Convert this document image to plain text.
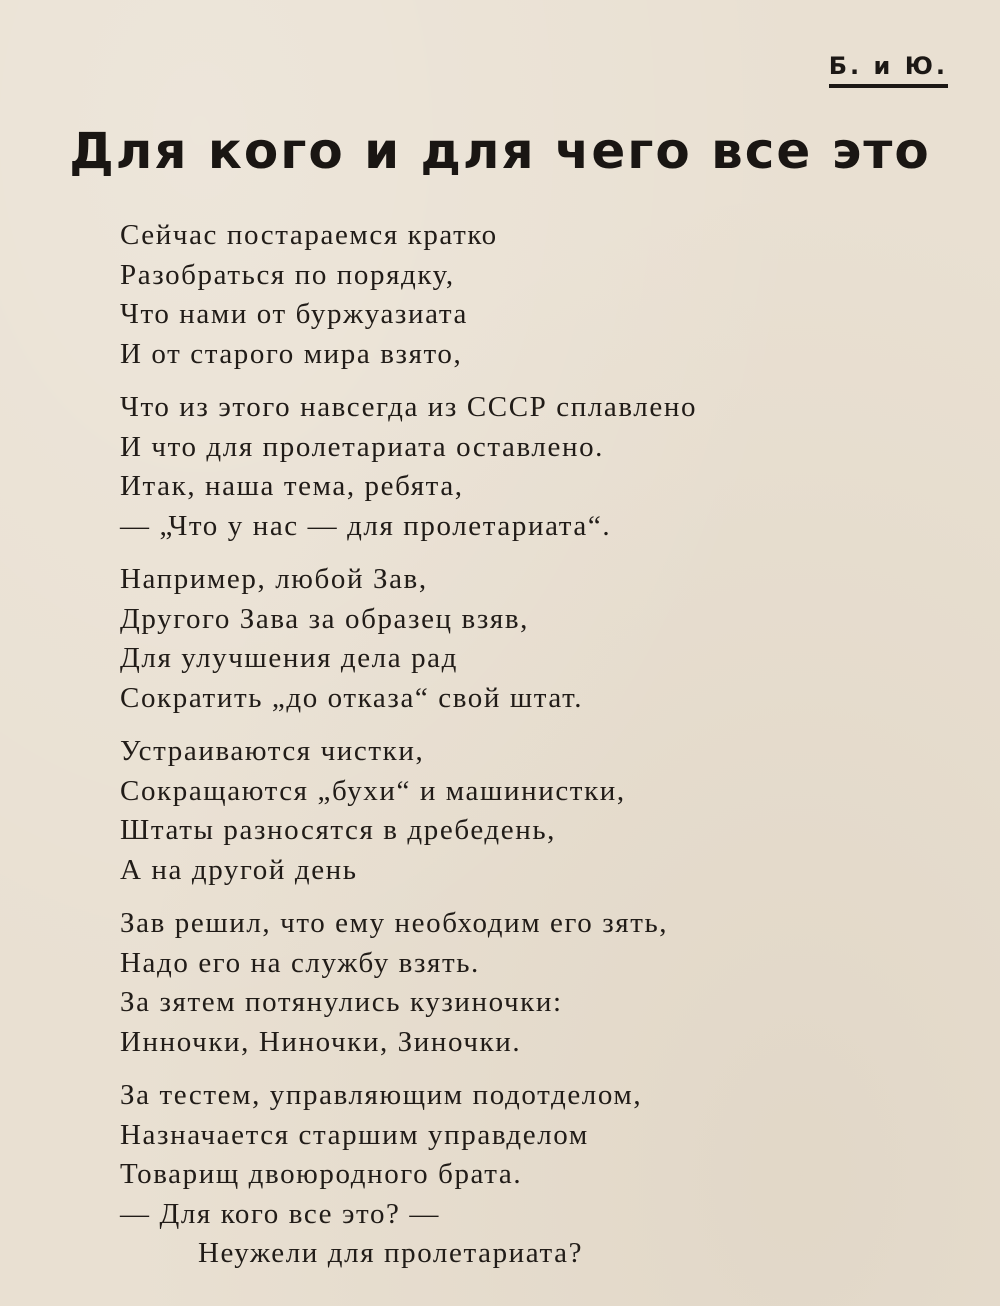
Б. и Ю.
Для кого и для чего все это
Сейчас постараемся кратко
Разобраться по порядку,
Что нами от буржуазиата
И от старого мира взято,
Что из этого навсегда из СССР сплавлено
И что для пролетариата оставлено.
Итак, наша тема, ребята,
— „Что у нас — для пролетариата“.
Например, любой Зав,
Другого Зава за образец взяв,
Для улучшения дела рад
Сократить „до отказа“ свой штат.
Устраиваются чистки,
Сокращаются „бухи“ и машинистки,
Штаты разносятся в дребедень,
А на другой день
Зав решил, что ему необходим его зять,
Надо его на службу взять.
За зятем потянулись кузиночки:
Инночки, Ниночки, Зиночки.
За тестем, управляющим подотделом,
Назначается старшим управделом
Товарищ двоюродного брата.
— Для кого все это? —
Неужели для пролетариата?
